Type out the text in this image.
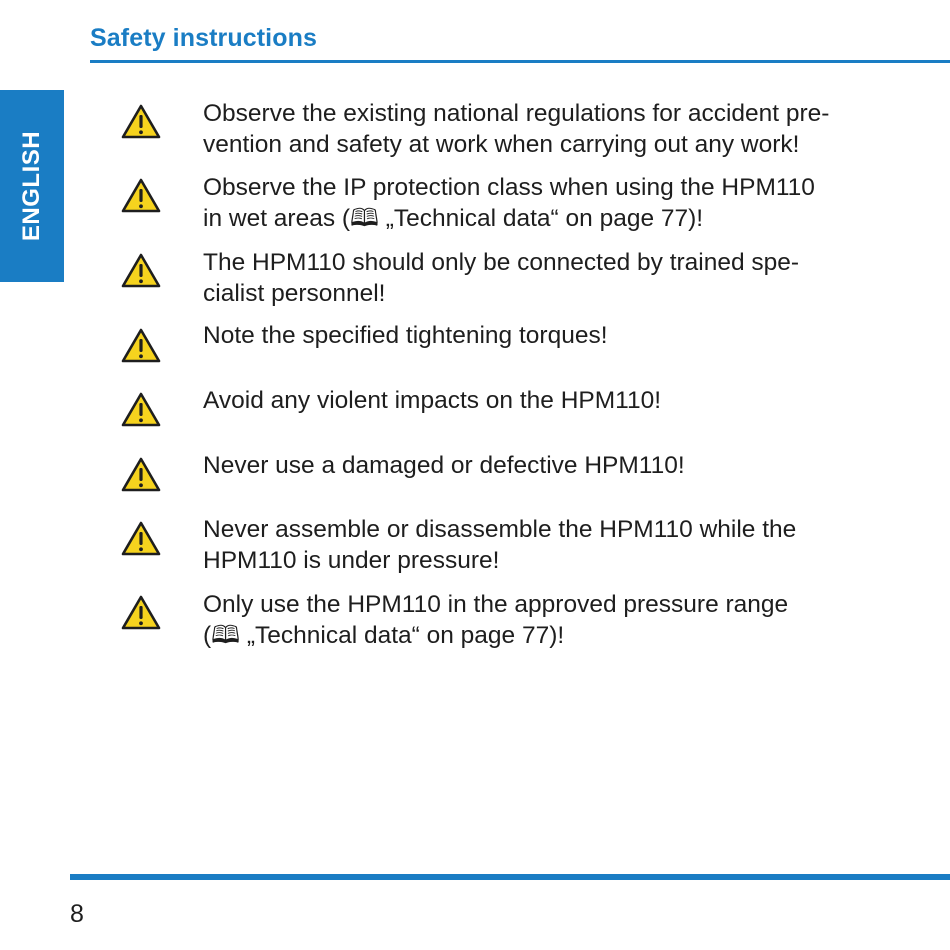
Safety instructions
ENGLISH
Observe the existing national regulations for accident pre-
vention and safety at work when carrying out any work!
Observe the IP protection class when using the HPM110
in wet areas (🕮 „Technical data“ on page 77)!
The HPM110 should only be connected by trained spe-
cialist personnel!
Note the specified tightening torques!
Avoid any violent impacts on the HPM110!
Never use a damaged or defective HPM110!
Never assemble or disassemble the HPM110 while the
HPM110 is under pressure!
Only use the HPM110 in the approved pressure range
(🕮 „Technical data“ on page 77)!
8
